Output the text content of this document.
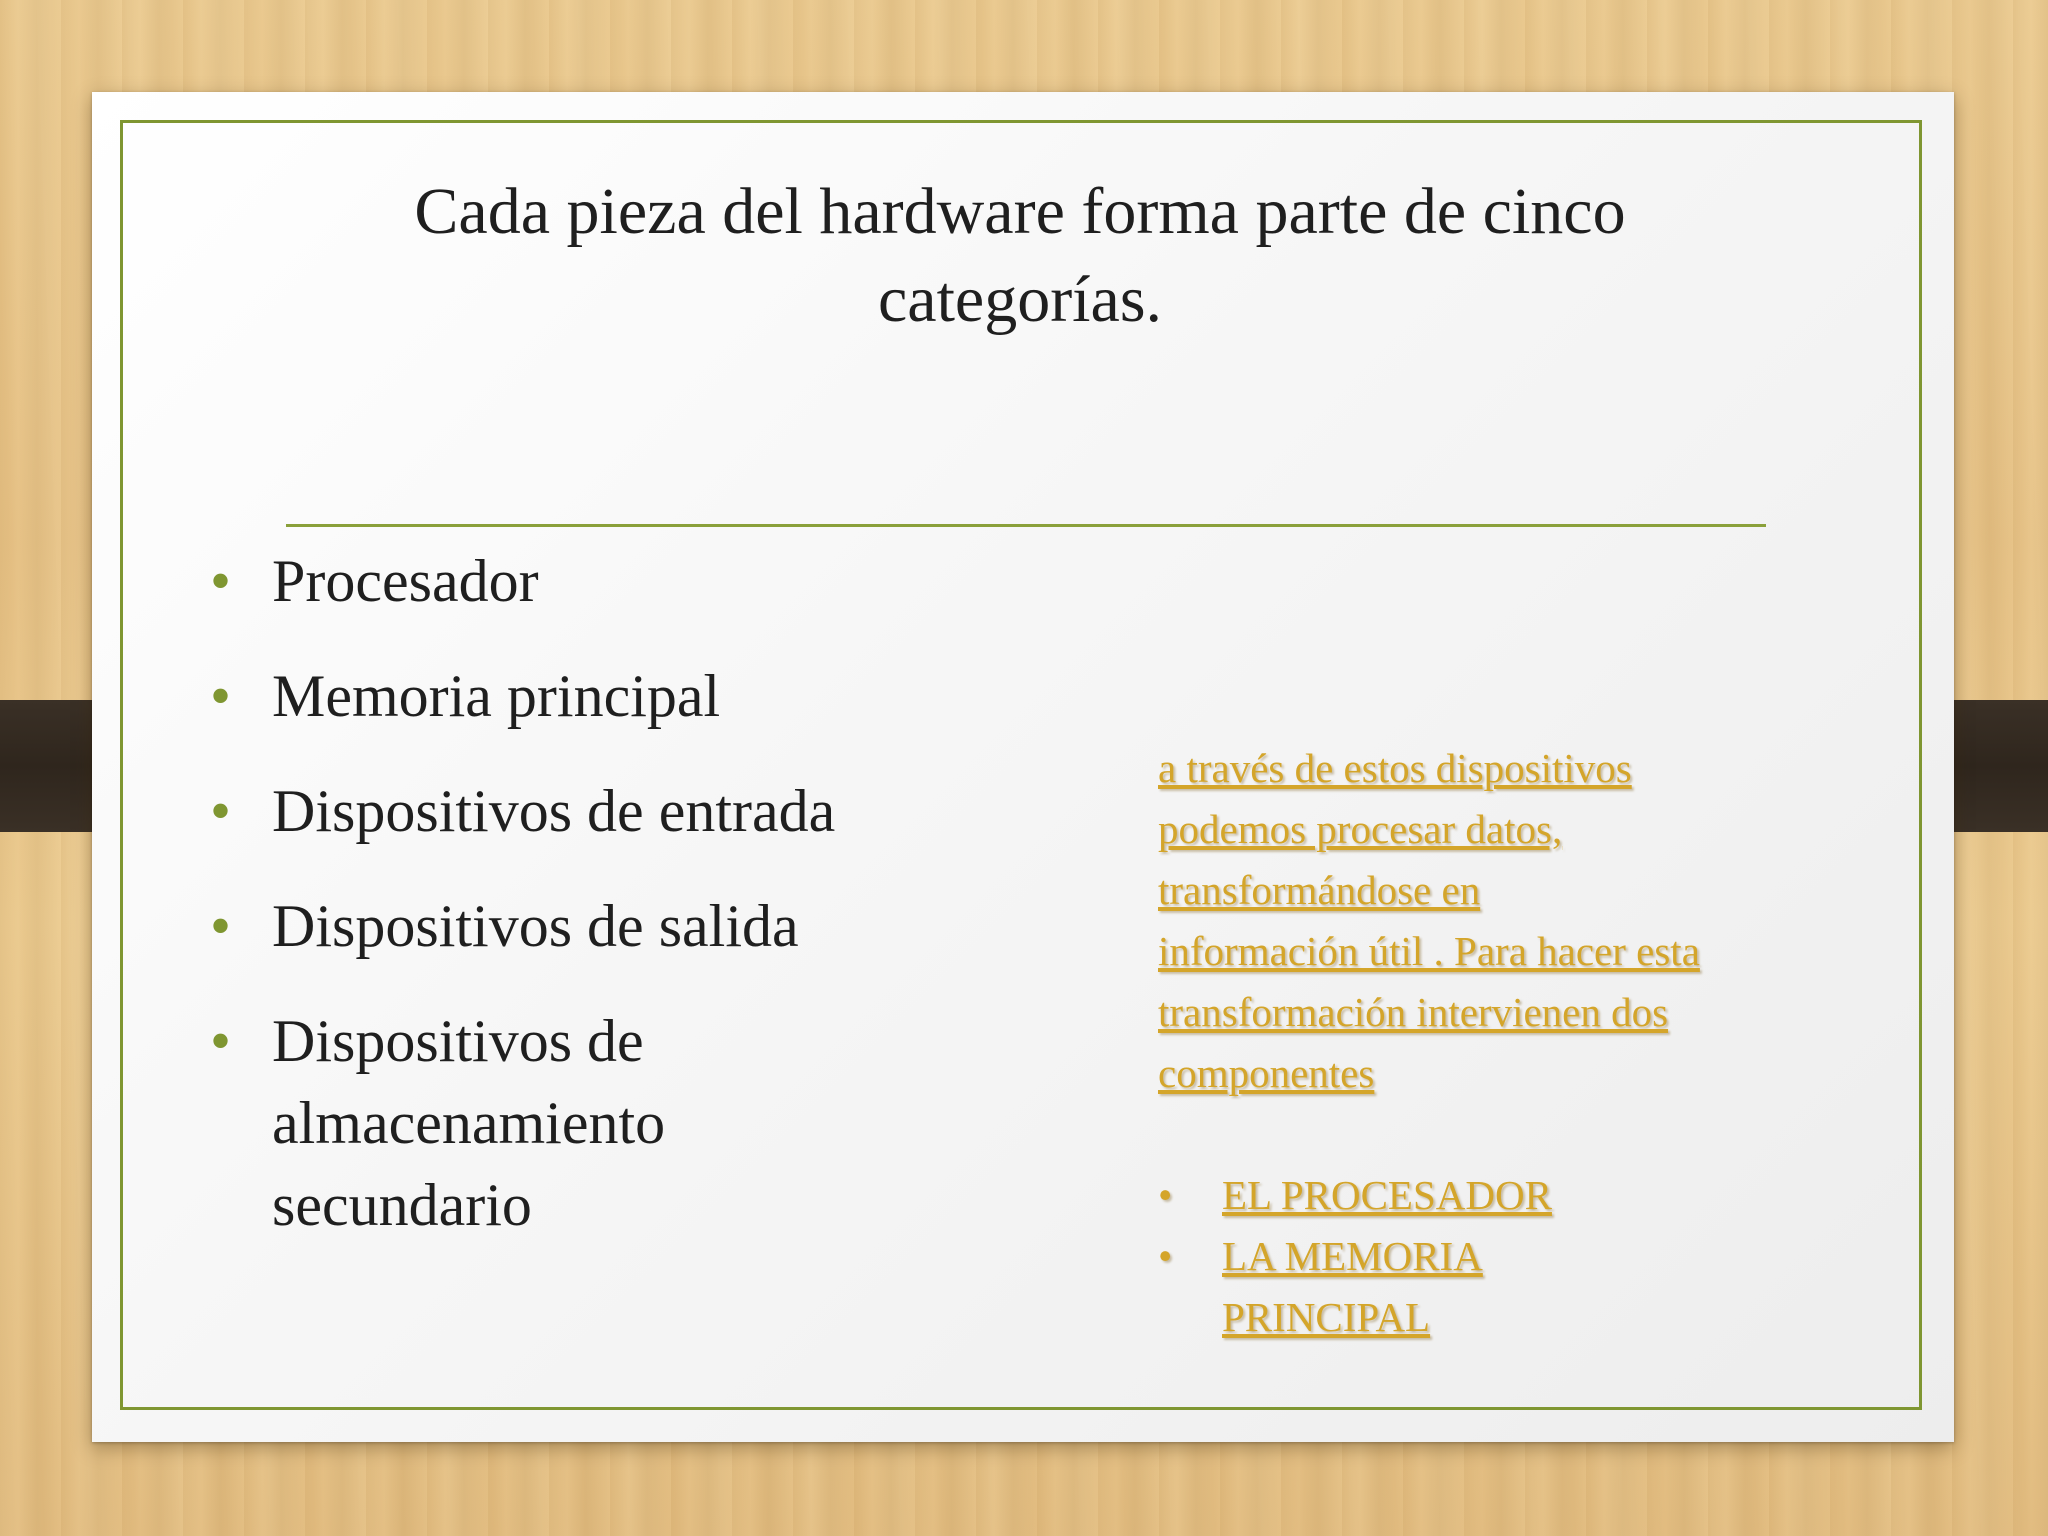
Cada pieza del hardware forma parte de cinco
categorías.
• Procesador
• Memoria principal
• Dispositivos de entrada
• Dispositivos de salida
• Dispositivos de
almacenamiento
secundario
a través de estos dispositivos
podemos procesar datos,
transformándose en
información útil . Para hacer esta
transformación intervienen dos
componentes
• EL PROCESADOR
• LA MEMORIA
PRINCIPAL
